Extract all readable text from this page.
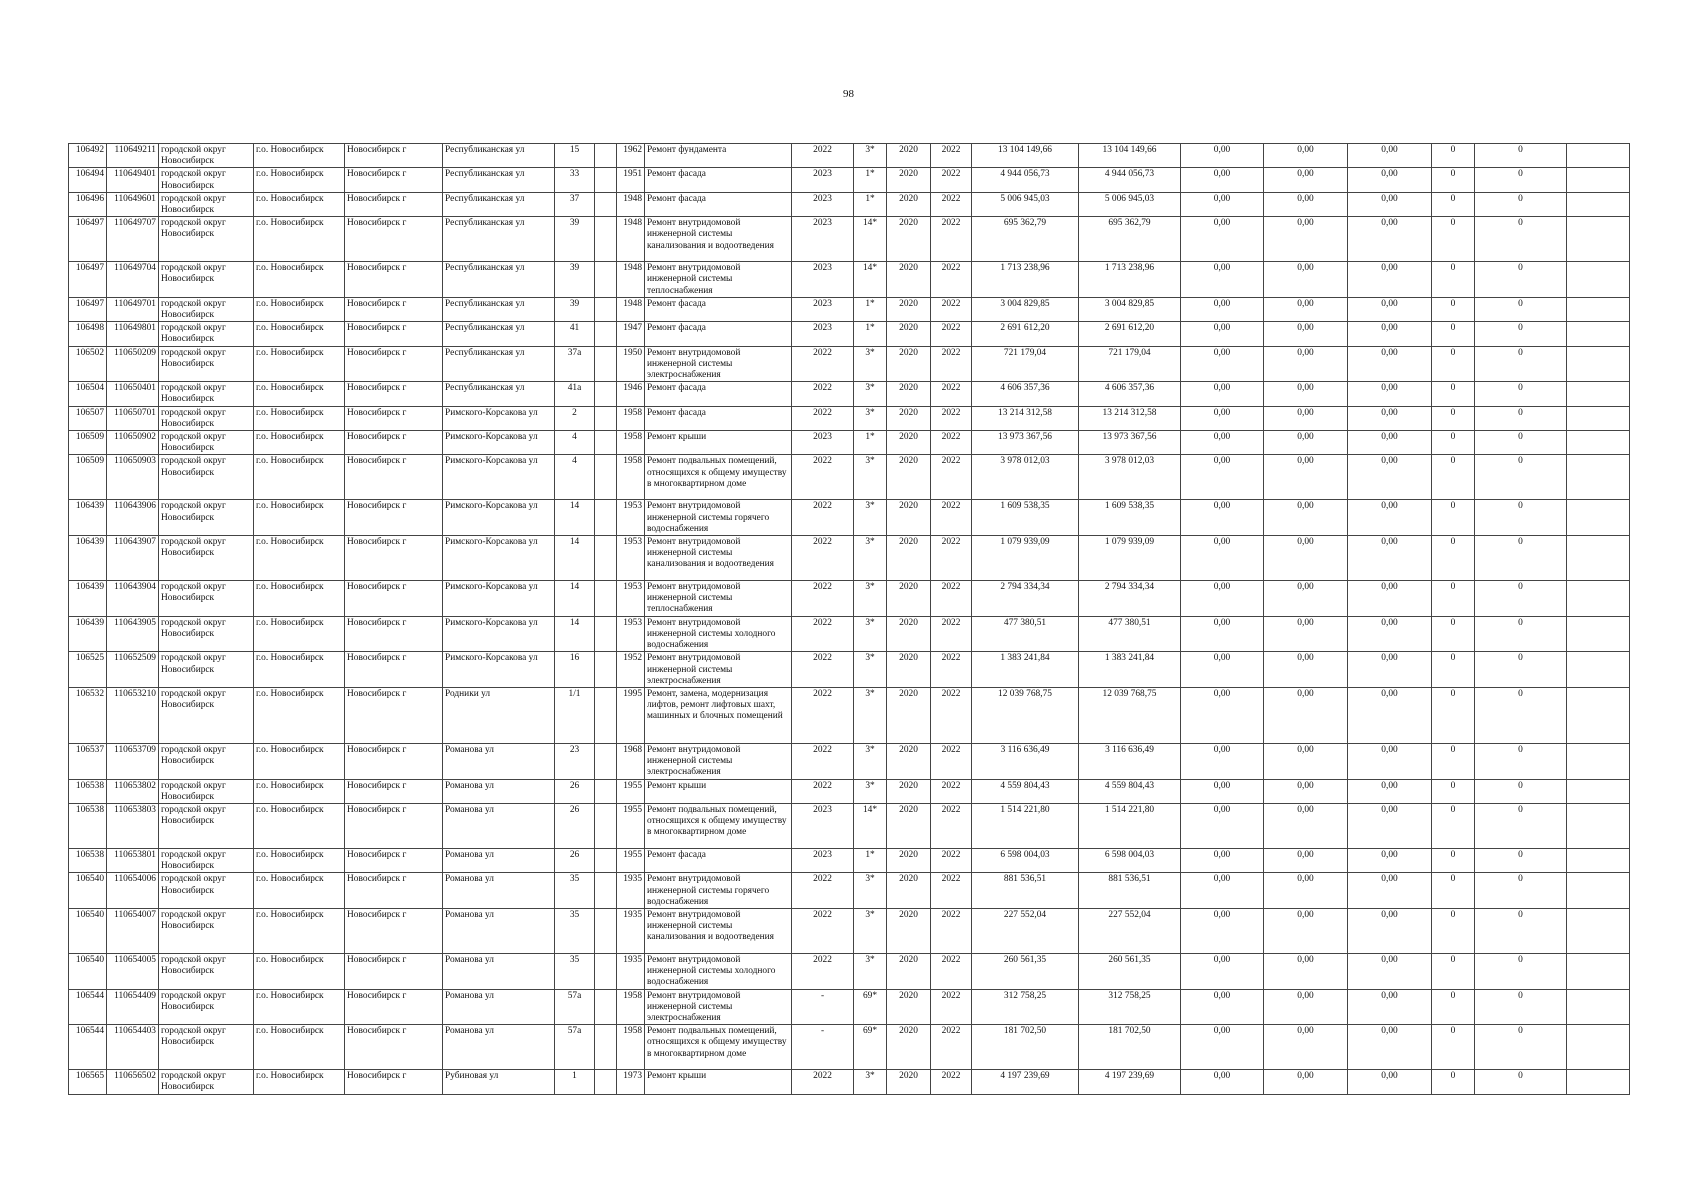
98
106492	110649211	городской округ Новосибирск	г.о. Новосибирск	Новосибирск г	Республиканская ул	15		1962	Ремонт фундамента	2022	3*	2020	2022	13 104 149,66	13 104 149,66	0,00	0,00	0,00	0	0	
106494	110649401	городской округ Новосибирск	г.о. Новосибирск	Новосибирск г	Республиканская ул	33		1951	Ремонт фасада	2023	1*	2020	2022	4 944 056,73	4 944 056,73	0,00	0,00	0,00	0	0	
106496	110649601	городской округ Новосибирск	г.о. Новосибирск	Новосибирск г	Республиканская ул	37		1948	Ремонт фасада	2023	1*	2020	2022	5 006 945,03	5 006 945,03	0,00	0,00	0,00	0	0	
106497	110649707	городской округ Новосибирск	г.о. Новосибирск	Новосибирск г	Республиканская ул	39		1948	Ремонт внутридомовой инженерной системы канализования и водоотведения	2023	14*	2020	2022	695 362,79	695 362,79	0,00	0,00	0,00	0	0	
106497	110649704	городской округ Новосибирск	г.о. Новосибирск	Новосибирск г	Республиканская ул	39		1948	Ремонт внутридомовой инженерной системы теплоснабжения	2023	14*	2020	2022	1 713 238,96	1 713 238,96	0,00	0,00	0,00	0	0	
106497	110649701	городской округ Новосибирск	г.о. Новосибирск	Новосибирск г	Республиканская ул	39		1948	Ремонт фасада	2023	1*	2020	2022	3 004 829,85	3 004 829,85	0,00	0,00	0,00	0	0	
106498	110649801	городской округ Новосибирск	г.о. Новосибирск	Новосибирск г	Республиканская ул	41		1947	Ремонт фасада	2023	1*	2020	2022	2 691 612,20	2 691 612,20	0,00	0,00	0,00	0	0	
106502	110650209	городской округ Новосибирск	г.о. Новосибирск	Новосибирск г	Республиканская ул	37а		1950	Ремонт внутридомовой инженерной системы электроснабжения	2022	3*	2020	2022	721 179,04	721 179,04	0,00	0,00	0,00	0	0	
106504	110650401	городской округ Новосибирск	г.о. Новосибирск	Новосибирск г	Республиканская ул	41а		1946	Ремонт фасада	2022	3*	2020	2022	4 606 357,36	4 606 357,36	0,00	0,00	0,00	0	0	
106507	110650701	городской округ Новосибирск	г.о. Новосибирск	Новосибирск г	Римского-Корсакова ул	2		1958	Ремонт фасада	2022	3*	2020	2022	13 214 312,58	13 214 312,58	0,00	0,00	0,00	0	0	
106509	110650902	городской округ Новосибирск	г.о. Новосибирск	Новосибирск г	Римского-Корсакова ул	4		1958	Ремонт крыши	2023	1*	2020	2022	13 973 367,56	13 973 367,56	0,00	0,00	0,00	0	0	
106509	110650903	городской округ Новосибирск	г.о. Новосибирск	Новосибирск г	Римского-Корсакова ул	4		1958	Ремонт подвальных помещений, относящихся к общему имуществу в многоквартирном доме	2022	3*	2020	2022	3 978 012,03	3 978 012,03	0,00	0,00	0,00	0	0	
106439	110643906	городской округ Новосибирск	г.о. Новосибирск	Новосибирск г	Римского-Корсакова ул	14		1953	Ремонт внутридомовой инженерной системы горячего водоснабжения	2022	3*	2020	2022	1 609 538,35	1 609 538,35	0,00	0,00	0,00	0	0	
106439	110643907	городской округ Новосибирск	г.о. Новосибирск	Новосибирск г	Римского-Корсакова ул	14		1953	Ремонт внутридомовой инженерной системы канализования и водоотведения	2022	3*	2020	2022	1 079 939,09	1 079 939,09	0,00	0,00	0,00	0	0	
106439	110643904	городской округ Новосибирск	г.о. Новосибирск	Новосибирск г	Римского-Корсакова ул	14		1953	Ремонт внутридомовой инженерной системы теплоснабжения	2022	3*	2020	2022	2 794 334,34	2 794 334,34	0,00	0,00	0,00	0	0	
106439	110643905	городской округ Новосибирск	г.о. Новосибирск	Новосибирск г	Римского-Корсакова ул	14		1953	Ремонт внутридомовой инженерной системы холодного водоснабжения	2022	3*	2020	2022	477 380,51	477 380,51	0,00	0,00	0,00	0	0	
106525	110652509	городской округ Новосибирск	г.о. Новосибирск	Новосибирск г	Римского-Корсакова ул	16		1952	Ремонт внутридомовой инженерной системы электроснабжения	2022	3*	2020	2022	1 383 241,84	1 383 241,84	0,00	0,00	0,00	0	0	
106532	110653210	городской округ Новосибирск	г.о. Новосибирск	Новосибирск г	Родники ул	1/1		1995	Ремонт, замена, модернизация лифтов, ремонт лифтовых шахт, машинных и блочных помещений	2022	3*	2020	2022	12 039 768,75	12 039 768,75	0,00	0,00	0,00	0	0	
106537	110653709	городской округ Новосибирск	г.о. Новосибирск	Новосибирск г	Романова ул	23		1968	Ремонт внутридомовой инженерной системы электроснабжения	2022	3*	2020	2022	3 116 636,49	3 116 636,49	0,00	0,00	0,00	0	0	
106538	110653802	городской округ Новосибирск	г.о. Новосибирск	Новосибирск г	Романова ул	26		1955	Ремонт крыши	2022	3*	2020	2022	4 559 804,43	4 559 804,43	0,00	0,00	0,00	0	0	
106538	110653803	городской округ Новосибирск	г.о. Новосибирск	Новосибирск г	Романова ул	26		1955	Ремонт подвальных помещений, относящихся к общему имуществу в многоквартирном доме	2023	14*	2020	2022	1 514 221,80	1 514 221,80	0,00	0,00	0,00	0	0	
106538	110653801	городской округ Новосибирск	г.о. Новосибирск	Новосибирск г	Романова ул	26		1955	Ремонт фасада	2023	1*	2020	2022	6 598 004,03	6 598 004,03	0,00	0,00	0,00	0	0	
106540	110654006	городской округ Новосибирск	г.о. Новосибирск	Новосибирск г	Романова ул	35		1935	Ремонт внутридомовой инженерной системы горячего водоснабжения	2022	3*	2020	2022	881 536,51	881 536,51	0,00	0,00	0,00	0	0	
106540	110654007	городской округ Новосибирск	г.о. Новосибирск	Новосибирск г	Романова ул	35		1935	Ремонт внутридомовой инженерной системы канализования и водоотведения	2022	3*	2020	2022	227 552,04	227 552,04	0,00	0,00	0,00	0	0	
106540	110654005	городской округ Новосибирск	г.о. Новосибирск	Новосибирск г	Романова ул	35		1935	Ремонт внутридомовой инженерной системы холодного водоснабжения	2022	3*	2020	2022	260 561,35	260 561,35	0,00	0,00	0,00	0	0	
106544	110654409	городской округ Новосибирск	г.о. Новосибирск	Новосибирск г	Романова ул	57а		1958	Ремонт внутридомовой инженерной системы электроснабжения	-	69*	2020	2022	312 758,25	312 758,25	0,00	0,00	0,00	0	0	
106544	110654403	городской округ Новосибирск	г.о. Новосибирск	Новосибирск г	Романова ул	57а		1958	Ремонт подвальных помещений, относящихся к общему имуществу в многоквартирном доме	-	69*	2020	2022	181 702,50	181 702,50	0,00	0,00	0,00	0	0	
106565	110656502	городской округ Новосибирск	г.о. Новосибирск	Новосибирск г	Рубиновая ул	1		1973	Ремонт крыши	2022	3*	2020	2022	4 197 239,69	4 197 239,69	0,00	0,00	0,00	0	0	
